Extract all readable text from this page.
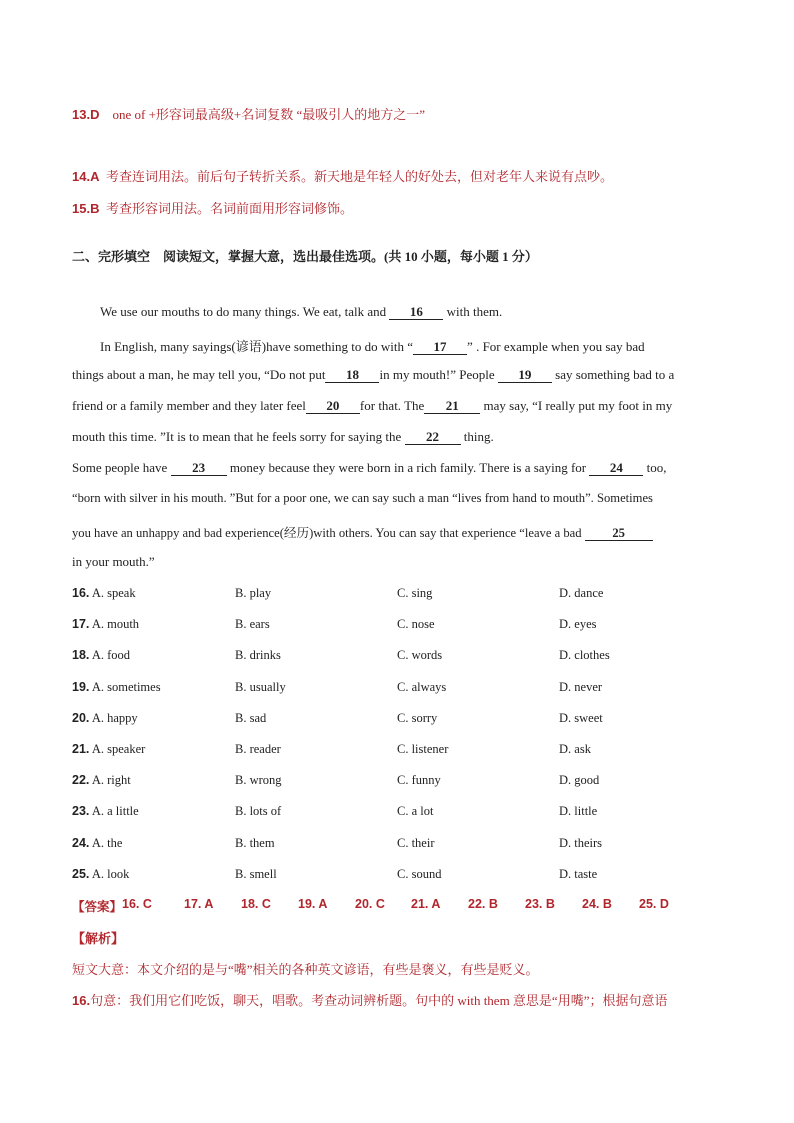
13.D one of +形容词最高级+名词复数 “最吸引人的地方之一”
14.A 考查连词用法。前后句子转折关系。新天地是年轻人的好处去，但对老年人来说有点吵。
15.B 考查形容词用法。名词前面用形容词修饰。
二、完形填空　阅读短文，掌握大意，选出最佳选项。(共 10 小题，每小题 1 分）
We use our mouths to do many things. We eat, talk and 16 with them.
In English, many sayings(谚语)have something to do with “ 17 ” . For example when you say bad
things about a man, he may tell you, “Do not put 18 in my mouth!” People 19 say something bad to a
friend or a family member and they later feel 20 for that. The 21 may say, “I really put my foot in my
mouth this time. ”It is to mean that he feels sorry for saying the 22 thing.
Some people have 23 money because they were born in a rich family. There is a saying for 24 too,
“born with silver in his mouth. ”But for a poor one, we can say such a man “lives from hand to mouth”. Sometimes
you have an unhappy and bad experience(经历)with others. You can say that experience “leave a bad 25
in your mouth.”
16. A. speak	B. play	C. sing	D. dance
17. A. mouth	B. ears	C. nose	D. eyes
18. A. food	B. drinks	C. words	D. clothes
19. A. sometimes	B. usually	C. always	D. never
20. A. happy	B. sad	C. sorry	D. sweet
21. A. speaker	B. reader	C. listener	D. ask
22. A. right	B. wrong	C. funny	D. good
23. A. a little	B. lots of	C. a lot	D. little
24. A. the	B. them	C. their	D. theirs
25. A. look	B. smell	C. sound	D. taste
【答案】 16. C	17. A 18. C 19. A 20. C 21. A 22. B 23. B 24. B 25. D
【解析】
短文大意：本文介绍的是与“嘴”相关的各种英文谚语，有些是褒义，有些是贬义。
16.句意：我们用它们吃饭，聊天，唱歌。考查动词辨析题。句中的 with them 意思是“用嘴”；根据句意语
